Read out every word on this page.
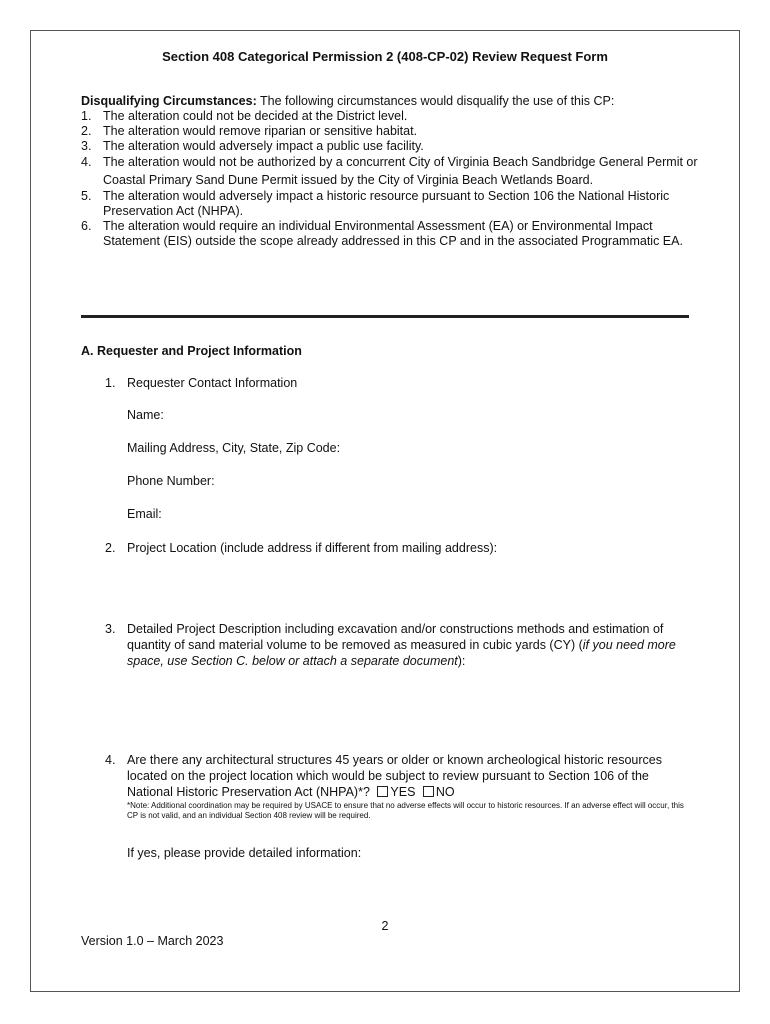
Section 408 Categorical Permission 2 (408-CP-02) Review Request Form
Disqualifying Circumstances: The following circumstances would disqualify the use of this CP:
1. The alteration could not be decided at the District level.
2. The alteration would remove riparian or sensitive habitat.
3. The alteration would adversely impact a public use facility.
4. The alteration would not be authorized by a concurrent City of Virginia Beach Sandbridge General Permit or Coastal Primary Sand Dune Permit issued by the City of Virginia Beach Wetlands Board.
5. The alteration would adversely impact a historic resource pursuant to Section 106 the National Historic Preservation Act (NHPA).
6. The alteration would require an individual Environmental Assessment (EA) or Environmental Impact Statement (EIS) outside the scope already addressed in this CP and in the associated Programmatic EA.
A. Requester and Project Information
1. Requester Contact Information
Name:
Mailing Address, City, State, Zip Code:
Phone Number:
Email:
2. Project Location (include address if different from mailing address):
3. Detailed Project Description including excavation and/or constructions methods and estimation of quantity of sand material volume to be removed as measured in cubic yards (CY) (if you need more space, use Section C. below or attach a separate document):
4. Are there any architectural structures 45 years or older or known archeological historic resources located on the project location which would be subject to review pursuant to Section 106 of the National Historic Preservation Act (NHPA)*? YES NO
*Note: Additional coordination may be required by USACE to ensure that no adverse effects will occur to historic resources. If an adverse effect will occur, this CP is not valid, and an individual Section 408 review will be required.
If yes, please provide detailed information:
2
Version 1.0 – March 2023
